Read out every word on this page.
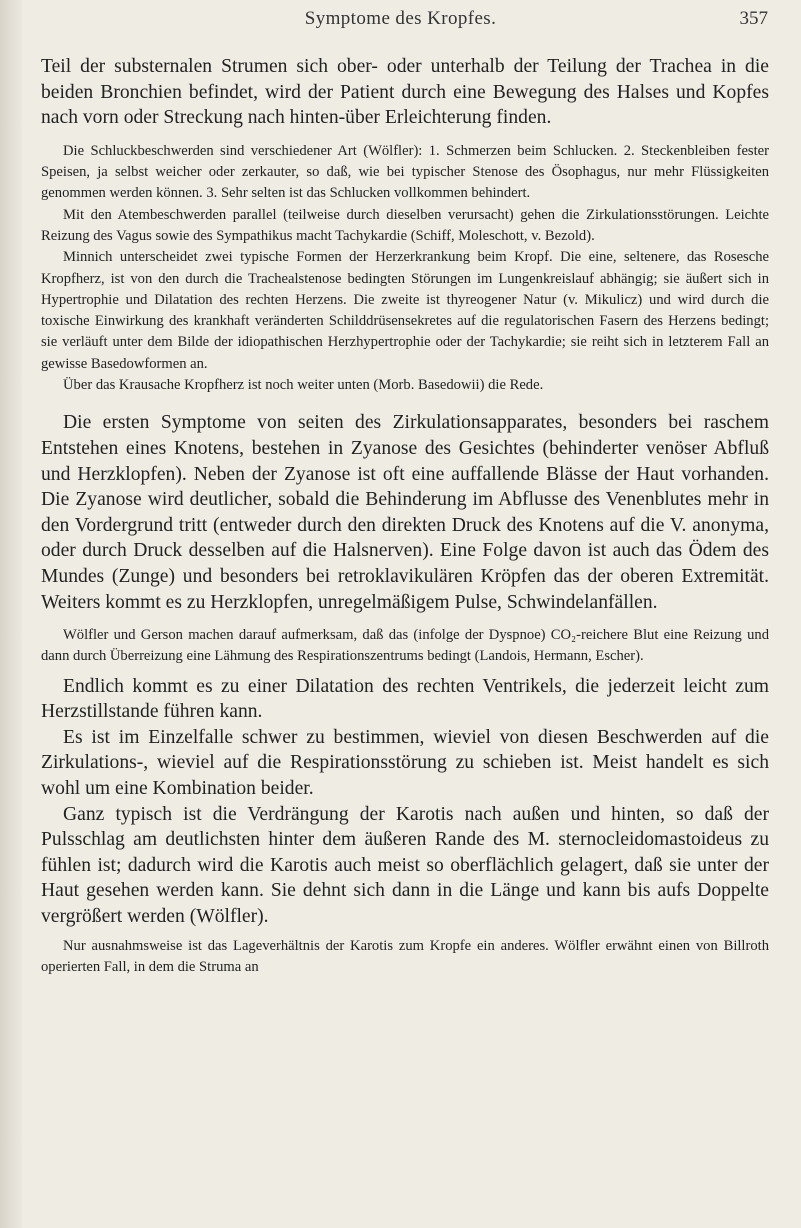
Symptome des Kropfes.	357

Teil der substernalen Strumen sich ober- oder unterhalb der Teilung der Trachea in die beiden Bronchien befindet, wird der Patient durch eine Bewegung des Halses und Kopfes nach vorn oder Streckung nach hinten-über Erleichterung finden.

Die Schluckbeschwerden sind verschiedener Art (Wölfler): 1. Schmerzen beim Schlucken. 2. Steckenbleiben fester Speisen, ja selbst weicher oder zerkauter, so daß, wie bei typischer Stenose des Ösophagus, nur mehr Flüssigkeiten genommen werden können. 3. Sehr selten ist das Schlucken vollkommen behindert.

Mit den Atembeschwerden parallel (teilweise durch dieselben verursacht) gehen die Zirkulationsstörungen. Leichte Reizung des Vagus sowie des Sympathikus macht Tachykardie (Schiff, Moleschott, v. Bezold).

Minnich unterscheidet zwei typische Formen der Herzerkrankung beim Kropf. Die eine, seltenere, das Rosesche Kropfherz, ist von den durch die Trachealstenose bedingten Störungen im Lungenkreislauf abhängig; sie äußert sich in Hypertrophie und Dilatation des rechten Herzens. Die zweite ist thyreogener Natur (v. Mikulicz) und wird durch die toxische Einwirkung des krankhaft veränderten Schilddrüsensekretes auf die regulatorischen Fasern des Herzens bedingt; sie verläuft unter dem Bilde der idiopathischen Herzhypertrophie oder der Tachykardie; sie reiht sich in letzterem Fall an gewisse Basedowformen an.

Über das Krausache Kropfherz ist noch weiter unten (Morb. Basedowii) die Rede.

Die ersten Symptome von seiten des Zirkulationsapparates, besonders bei raschem Entstehen eines Knotens, bestehen in Zyanose des Gesichtes (behinderter venöser Abfluß und Herzklopfen). Neben der Zyanose ist oft eine auffallende Blässe der Haut vorhanden. Die Zyanose wird deutlicher, sobald die Behinderung im Abflusse des Venenblutes mehr in den Vordergrund tritt (entweder durch den direkten Druck des Knotens auf die V. anonyma, oder durch Druck desselben auf die Halsnerven). Eine Folge davon ist auch das Ödem des Mundes (Zunge) und besonders bei retroklavikulären Kröpfen das der oberen Extremität. Weiters kommt es zu Herzklopfen, unregelmäßigem Pulse, Schwindelanfällen.

Wölfler und Gerson machen darauf aufmerksam, daß das (infolge der Dyspnoe) CO₂-reichere Blut eine Reizung und dann durch Überreizung eine Lähmung des Respirationszentrums bedingt (Landois, Hermann, Escher).

Endlich kommt es zu einer Dilatation des rechten Ventrikels, die jederzeit leicht zum Herzstillstande führen kann.

Es ist im Einzelfalle schwer zu bestimmen, wieviel von diesen Beschwerden auf die Zirkulations-, wieviel auf die Respirationsstörung zu schieben ist. Meist handelt es sich wohl um eine Kombination beider.

Ganz typisch ist die Verdrängung der Karotis nach außen und hinten, so daß der Pulsschlag am deutlichsten hinter dem äußeren Rande des M. sternocleidomastoideus zu fühlen ist; dadurch wird die Karotis auch meist so oberflächlich gelagert, daß sie unter der Haut gesehen werden kann. Sie dehnt sich dann in die Länge und kann bis aufs Doppelte vergrößert werden (Wölfler).

Nur ausnahmsweise ist das Lageverhältnis der Karotis zum Kropfe ein anderes. Wölfler erwähnt einen von Billroth operierten Fall, in dem die Struma an
